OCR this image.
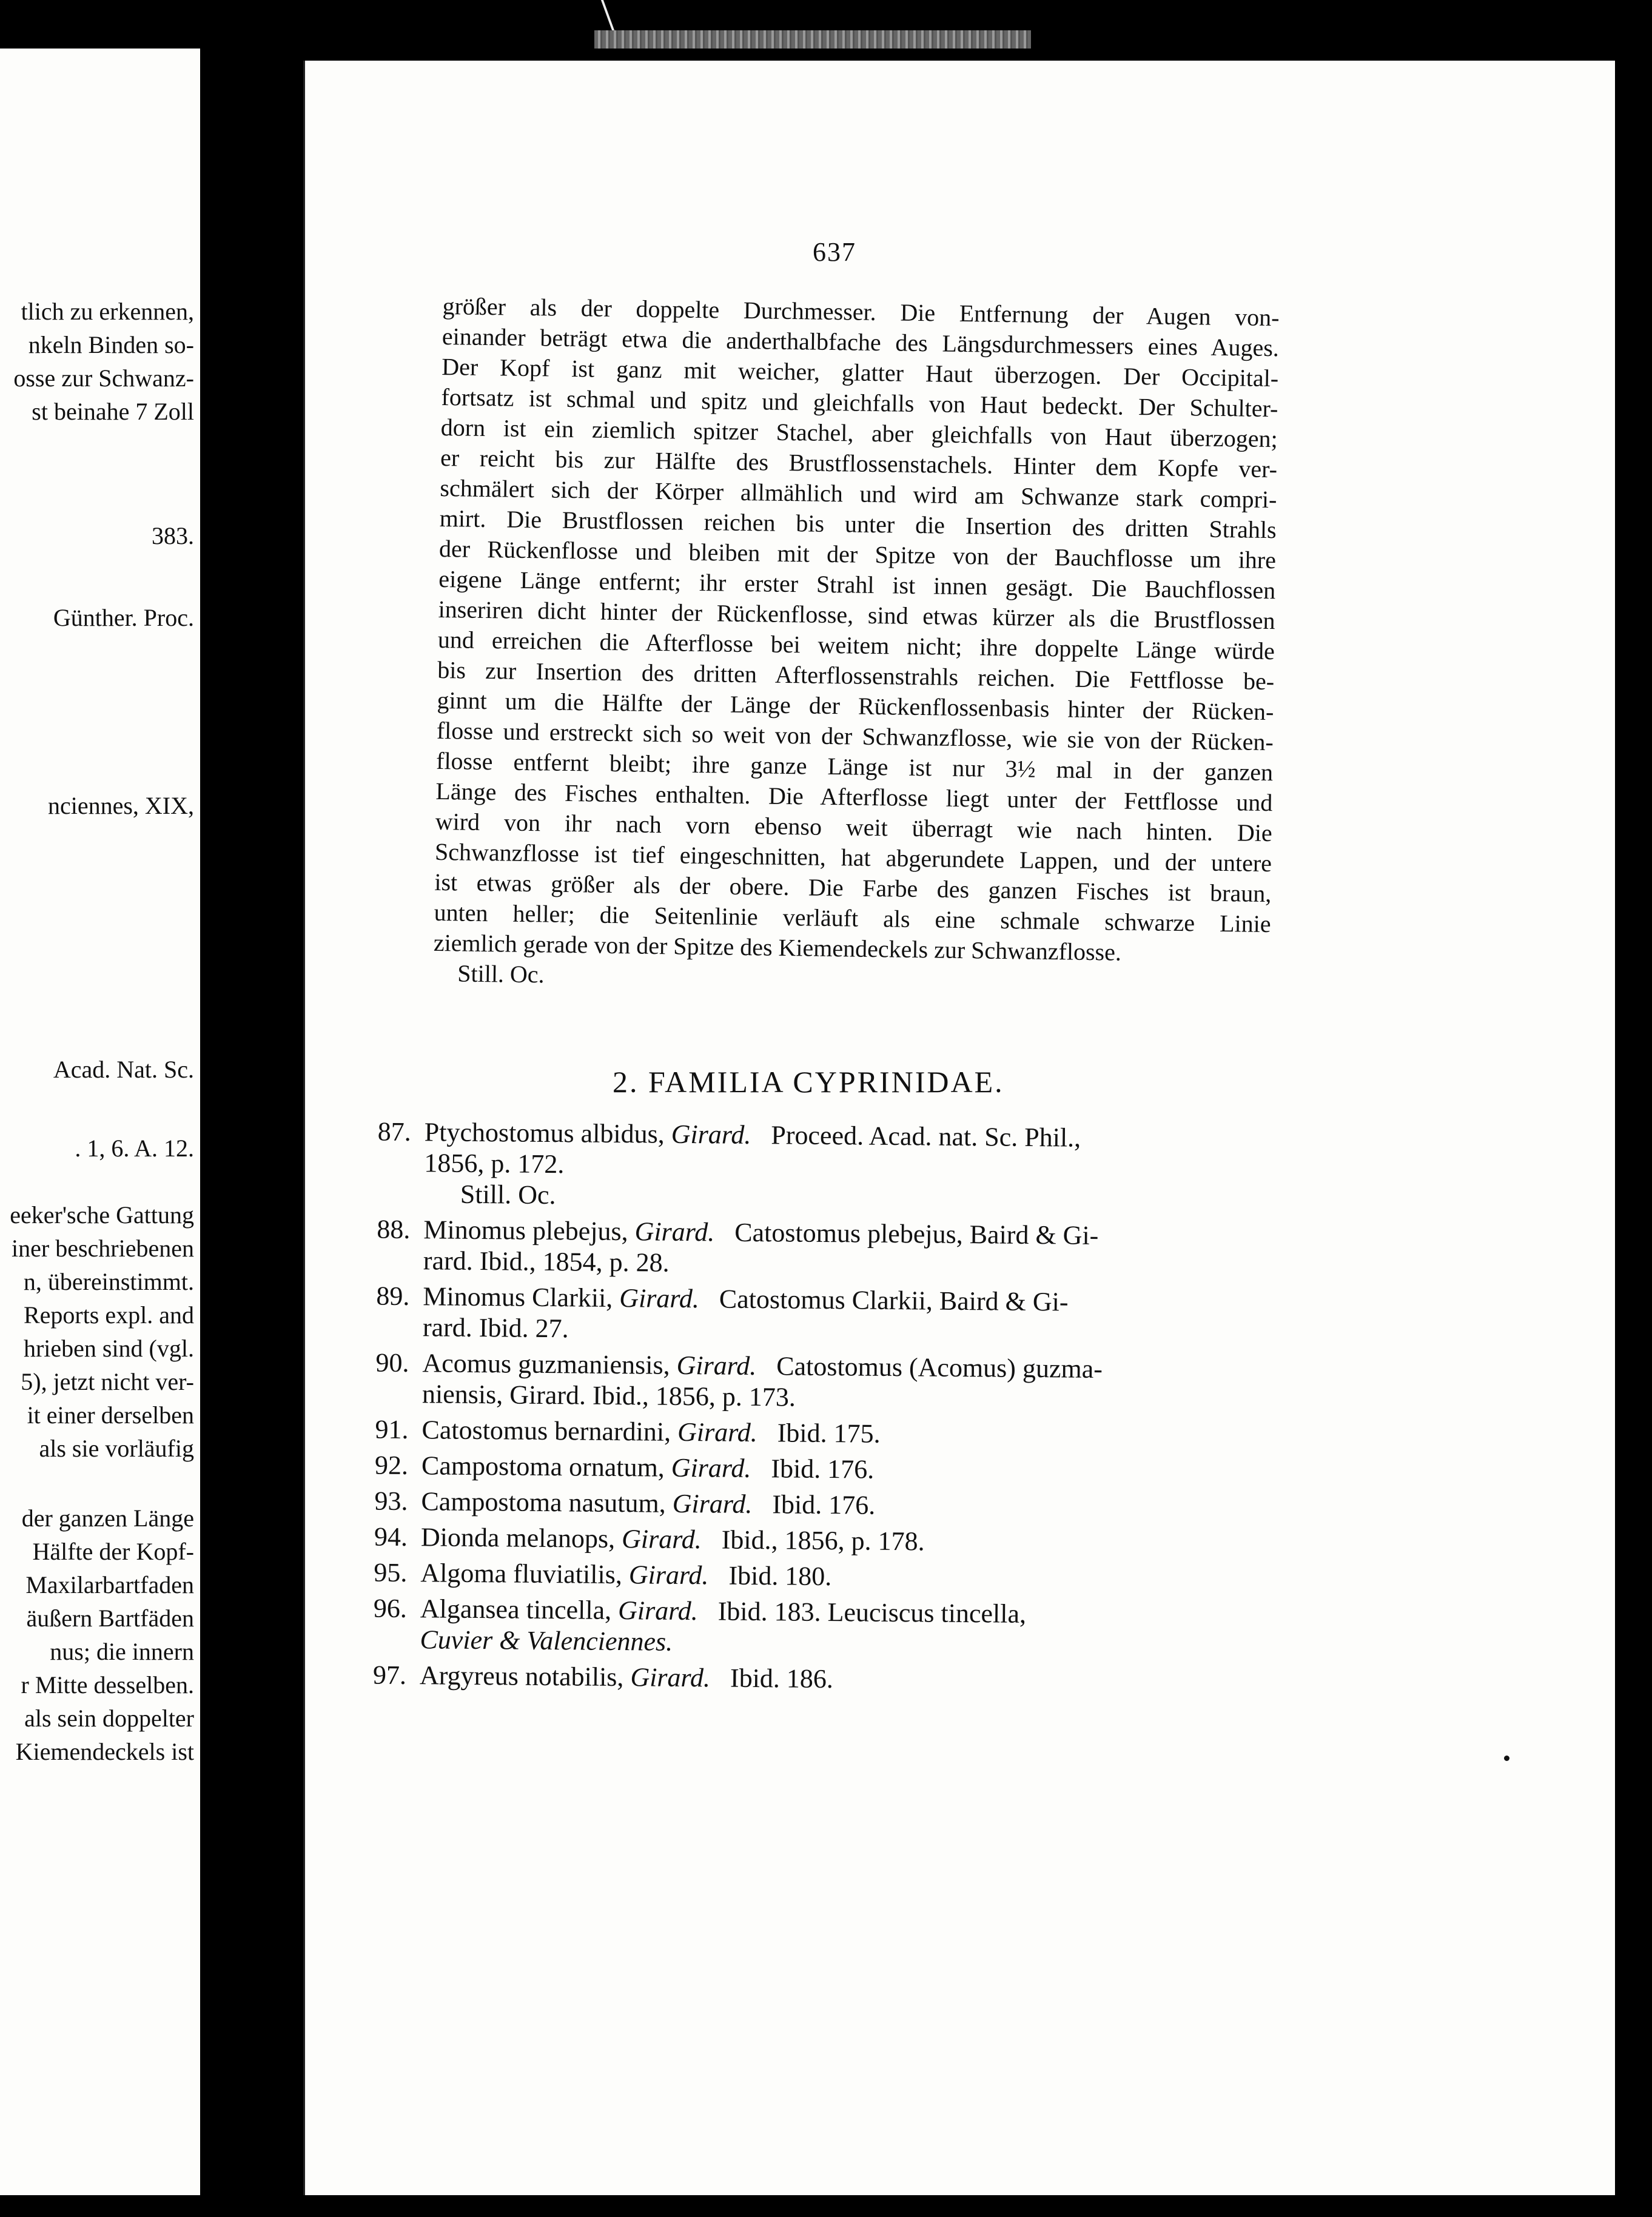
tlich zu erkennen,
nkeln Binden so-
osse zur Schwanz-
st beinahe 7 Zoll
383.
Günther. Proc.
nciennes, XIX,
Acad. Nat. Sc.
. 1, 6. A. 12.
eeker'sche Gattung
iner beschriebenen
n, übereinstimmt.
Reports expl. and
hrieben sind (vgl.
5), jetzt nicht ver-
it einer derselben
als sie vorläufig
der ganzen Länge
Hälfte der Kopf-
Maxilarbartfaden
äußern Bartfäden
nus; die innern
r Mitte desselben.
als sein doppelter
Kiemendeckels ist
637
größer als der doppelte Durchmesser. Die Entfernung der Augen von-
einander beträgt etwa die anderthalbfache des Längsdurchmessers eines Auges.
Der Kopf ist ganz mit weicher, glatter Haut überzogen. Der Occipital-
fortsatz ist schmal und spitz und gleichfalls von Haut bedeckt. Der Schulter-
dorn ist ein ziemlich spitzer Stachel, aber gleichfalls von Haut überzogen;
er reicht bis zur Hälfte des Brustflossenstachels. Hinter dem Kopfe ver-
schmälert sich der Körper allmählich und wird am Schwanze stark compri-
mirt. Die Brustflossen reichen bis unter die Insertion des dritten Strahls
der Rückenflosse und bleiben mit der Spitze von der Bauchflosse um ihre
eigene Länge entfernt; ihr erster Strahl ist innen gesägt. Die Bauchflossen
inseriren dicht hinter der Rückenflosse, sind etwas kürzer als die Brustflossen
und erreichen die Afterflosse bei weitem nicht; ihre doppelte Länge würde
bis zur Insertion des dritten Afterflossenstrahls reichen. Die Fettflosse be-
ginnt um die Hälfte der Länge der Rückenflossenbasis hinter der Rücken-
flosse und erstreckt sich so weit von der Schwanzflosse, wie sie von der Rücken-
flosse entfernt bleibt; ihre ganze Länge ist nur 3½ mal in der ganzen
Länge des Fisches enthalten. Die Afterflosse liegt unter der Fettflosse und
wird von ihr nach vorn ebenso weit überragt wie nach hinten. Die
Schwanzflosse ist tief eingeschnitten, hat abgerundete Lappen, und der untere
ist etwas größer als der obere. Die Farbe des ganzen Fisches ist braun,
unten heller; die Seitenlinie verläuft als eine schmale schwarze Linie
ziemlich gerade von der Spitze des Kiemendeckels zur Schwanzflosse.
Still. Oc.
2. FAMILIA CYPRINIDAE.
87. Ptychostomus albidus,
Girard.
Proceed. Acad. nat. Sc. Phil.,
1856, p. 172.
Still. Oc.
88. Minomus plebejus,
Girard.
Catostomus plebejus, Baird & Gi-
rard. Ibid., 1854, p. 28.
89. Minomus Clarkii,
Girard.
Catostomus Clarkii, Baird & Gi-
rard. Ibid. 27.
90. Acomus guzmaniensis,
Girard.
Catostomus (Acomus) guzma-
niensis, Girard. Ibid., 1856, p. 173.
91. Catostomus bernardini,
Girard.
Ibid. 175.
92. Campostoma ornatum,
Girard.
Ibid. 176.
93. Campostoma nasutum,
Girard.
Ibid. 176.
94. Dionda melanops,
Girard.
Ibid., 1856, p. 178.
95. Algoma fluviatilis,
Girard.
Ibid. 180.
96. Algansea tincella,
Girard.
Ibid. 183. Leuciscus tincella,
Cuvier & Valenciennes.
97. Argyreus notabilis,
Girard.
Ibid. 186.
